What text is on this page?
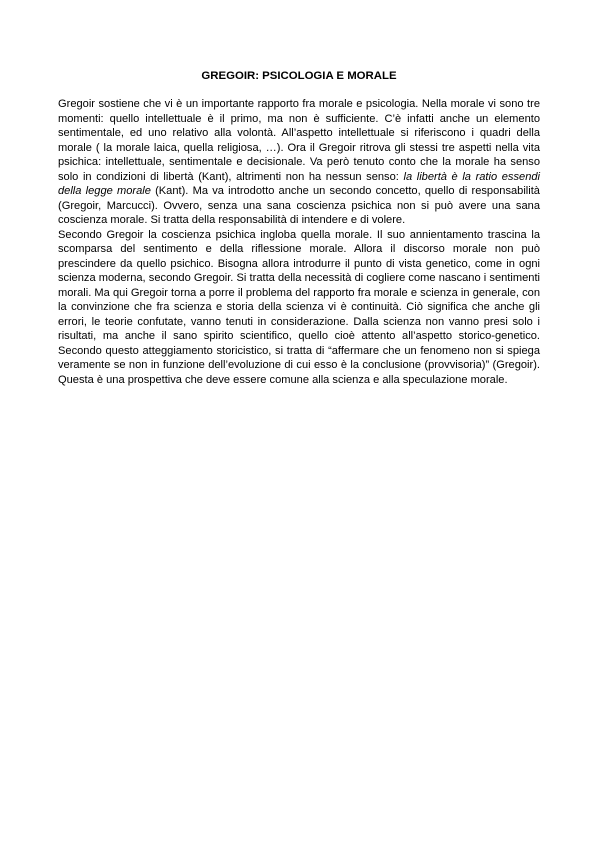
GREGOIR: PSICOLOGIA E MORALE

Gregoir sostiene che vi è un importante rapporto fra morale e psicologia. Nella morale vi sono tre momenti: quello intellettuale è il primo, ma non è sufficiente. C’è infatti anche un elemento sentimentale, ed uno relativo alla volontà. All’aspetto intellettuale si riferiscono i quadri della morale ( la morale laica, quella religiosa, …). Ora il Gregoir ritrova gli stessi tre aspetti nella vita psichica: intellettuale, sentimentale e decisionale. Va però tenuto conto che la morale ha senso solo in condizioni di libertà (Kant), altrimenti non ha nessun senso: la libertà è la ratio essendi della legge morale (Kant). Ma va introdotto anche un secondo concetto, quello di responsabilità (Gregoir, Marcucci). Ovvero, senza una sana coscienza psichica non si può avere una sana coscienza morale. Si tratta della responsabilità di intendere e di volere.

Secondo Gregoir la coscienza psichica ingloba quella morale. Il suo annientamento trascina la scomparsa del sentimento e della riflessione morale. Allora il discorso morale non può prescindere da quello psichico. Bisogna allora introdurre il punto di vista genetico, come in ogni scienza moderna, secondo Gregoir. Si tratta della necessità di cogliere come nascano i sentimenti morali. Ma qui Gregoir torna a porre il problema del rapporto fra morale e scienza in generale, con la convinzione che fra scienza e storia della scienza vi è continuità. Ciò significa che anche gli errori, le teorie confutate, vanno tenuti in considerazione. Dalla scienza non vanno presi solo i risultati, ma anche il sano spirito scientifico, quello cioè attento all’aspetto storico-genetico. Secondo questo atteggiamento storicistico, si tratta di “affermare che un fenomeno non si spiega veramente se non in funzione dell’evoluzione di cui esso è la conclusione (provvisoria)” (Gregoir). Questa è una prospettiva che deve essere comune alla scienza e alla speculazione morale.
